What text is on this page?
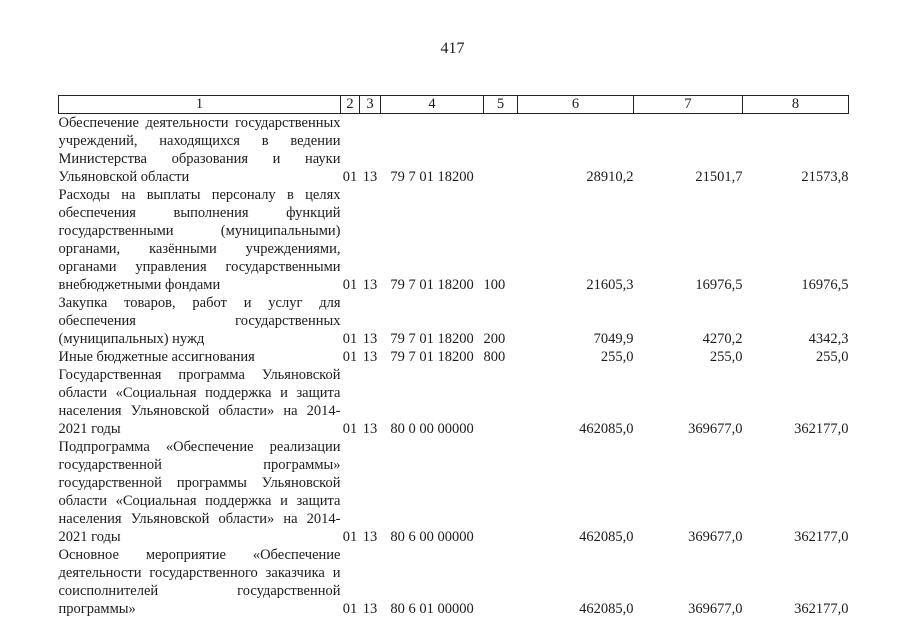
417
1	2	3	4	5	6	7	8
Обеспечение деятельности государственных учреждений, находящихся в ведении Министерства образования и науки Ульяновской области	01	13	79 7 01 18200		28910,2	21501,7	21573,8
Расходы на выплаты персоналу в целях обеспечения выполнения функций государственными (муниципальными) органами, казёнными учреждениями, органами управления государственными внебюджетными фондами	01	13	79 7 01 18200	100	21605,3	16976,5	16976,5
Закупка товаров, работ и услуг для обеспечения государственных (муниципальных) нужд	01	13	79 7 01 18200	200	7049,9	4270,2	4342,3
Иные бюджетные ассигнования	01	13	79 7 01 18200	800	255,0	255,0	255,0
Государственная программа Ульяновской области «Социальная поддержка и защита населения Ульяновской области» на 2014-2021 годы	01	13	80 0 00 00000		462085,0	369677,0	362177,0
Подпрограмма «Обеспечение реализации государственной программы» государственной программы Ульяновской области «Социальная поддержка и защита населения Ульяновской области» на 2014-2021 годы	01	13	80 6 00 00000		462085,0	369677,0	362177,0
Основное мероприятие «Обеспечение деятельности государственного заказчика и соисполнителей государственной программы»	01	13	80 6 01 00000		462085,0	369677,0	362177,0
